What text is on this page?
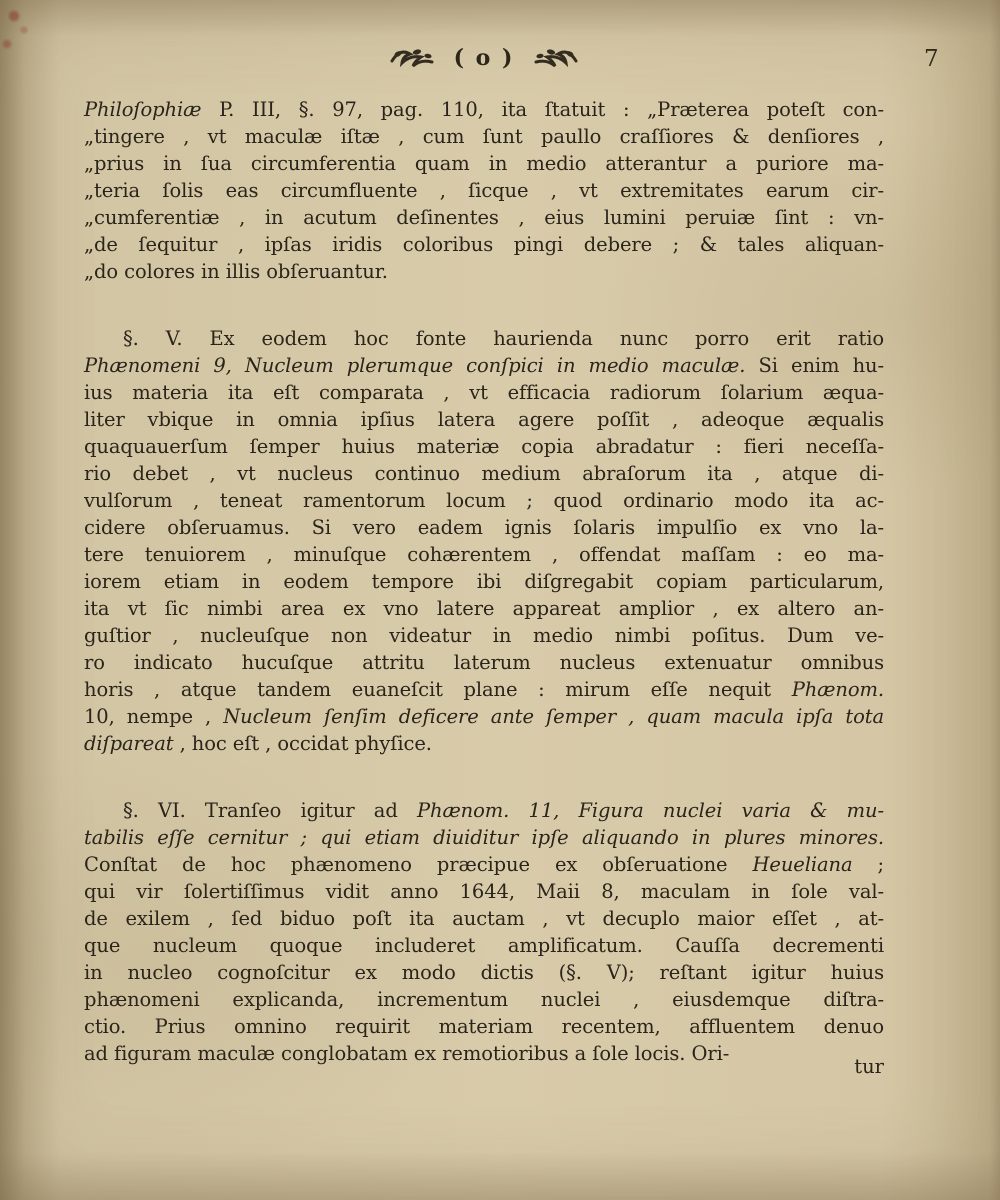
( o )	7
Philoſophiæ P. III, §. 97, pag. 110, ita ſtatuit : „Præterea poteſt con-
„tingere , vt maculæ iſtæ , cum ſunt paullo craſſiores & denſiores ,
„prius in ſua circumferentia quam in medio atterantur a puriore ma-
„teria ſolis eas circumfluente , ſicque , vt extremitates earum cir-
„cumferentiæ , in acutum deſinentes , eius lumini peruiæ ſint : vn-
„de ſequitur , ipſas iridis coloribus pingi debere ; & tales aliquan-
„do colores in illis obſeruantur.
§. V. Ex eodem hoc fonte haurienda nunc porro erit ratio
Phænomeni 9, Nucleum plerumque conſpici in medio maculæ. Si enim hu-
ius materia ita eſt comparata , vt efficacia radiorum ſolarium æqua-
liter vbique in omnia ipſius latera agere poſſit , adeoque æqualis
quaquauerſum ſemper huius materiæ copia abradatur : fieri neceſſa-
rio debet , vt nucleus continuo medium abraſorum ita , atque di-
vulſorum , teneat ramentorum locum ; quod ordinario modo ita ac-
cidere obſeruamus. Si vero eadem ignis ſolaris impulſio ex vno la-
tere tenuiorem , minuſque cohærentem , offendat maſſam : eo ma-
iorem etiam in eodem tempore ibi diſgregabit copiam particularum,
ita vt ſic nimbi area ex vno latere appareat amplior , ex altero an-
guſtior , nucleuſque non videatur in medio nimbi poſitus. Dum ve-
ro indicato hucuſque attritu laterum nucleus extenuatur omnibus
horis , atque tandem euaneſcit plane : mirum eſſe nequit Phænom.
10, nempe , Nucleum ſenſim deficere ante ſemper , quam macula ipſa tota
diſpareat , hoc eſt , occidat phyſice.
§. VI. Tranſeo igitur ad Phænom. 11, Figura nuclei varia & mu-
tabilis eſſe cernitur ; qui etiam diuiditur ipſe aliquando in plures minores.
Conſtat de hoc phænomeno præcipue ex obſeruatione Heueliana ;
qui vir ſolertiſſimus vidit anno 1644, Maii 8, maculam in ſole val-
de exilem , ſed biduo poſt ita auctam , vt decuplo maior eſſet , at-
que nucleum quoque includeret amplificatum. Cauſſa decrementi
in nucleo cognoſcitur ex modo dictis (§. V); reſtant igitur huius
phænomeni explicanda, incrementum nuclei , eiusdemque diſtra-
ctio. Prius omnino requirit materiam recentem, affluentem denuo
ad figuram maculæ conglobatam ex remotioribus a ſole locis. Ori-
tur
